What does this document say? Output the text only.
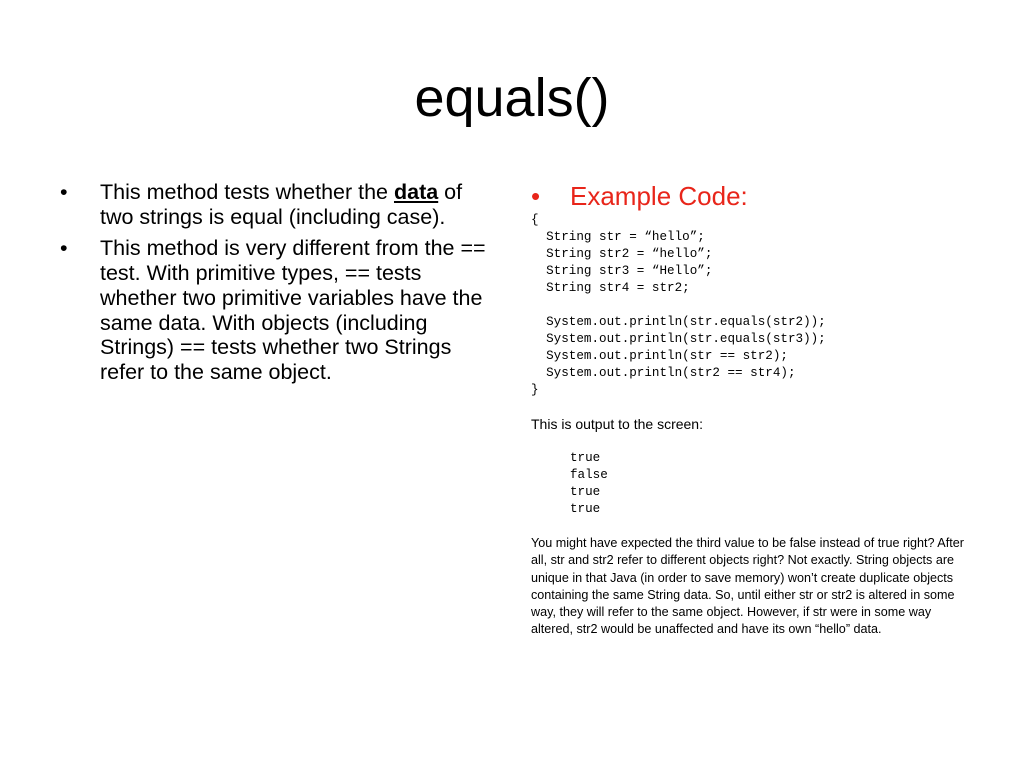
equals()
• This method tests whether the data of two strings is equal (including case).
• This method is very different from the == test. With primitive types, == tests whether two primitive variables have the same data. With objects (including Strings) == tests whether two Strings refer to the same object.
• Example Code:
{
String str = “hello”;
String str2 = “hello”;
String str3 = “Hello”;
String str4 = str2;
System.out.println(str.equals(str2));
System.out.println(str.equals(str3));
System.out.println(str == str2);
System.out.println(str2 == str4);
}
This is output to the screen:
true
false
true
true
You might have expected the third value to be false instead of true right? After all, str and str2 refer to different objects right? Not exactly. String objects are unique in that Java (in order to save memory) won’t create duplicate objects containing the same String data. So, until either str or str2 is altered in some way, they will refer to the same object. However, if str were in some way altered, str2 would be unaffected and have its own “hello” data.
